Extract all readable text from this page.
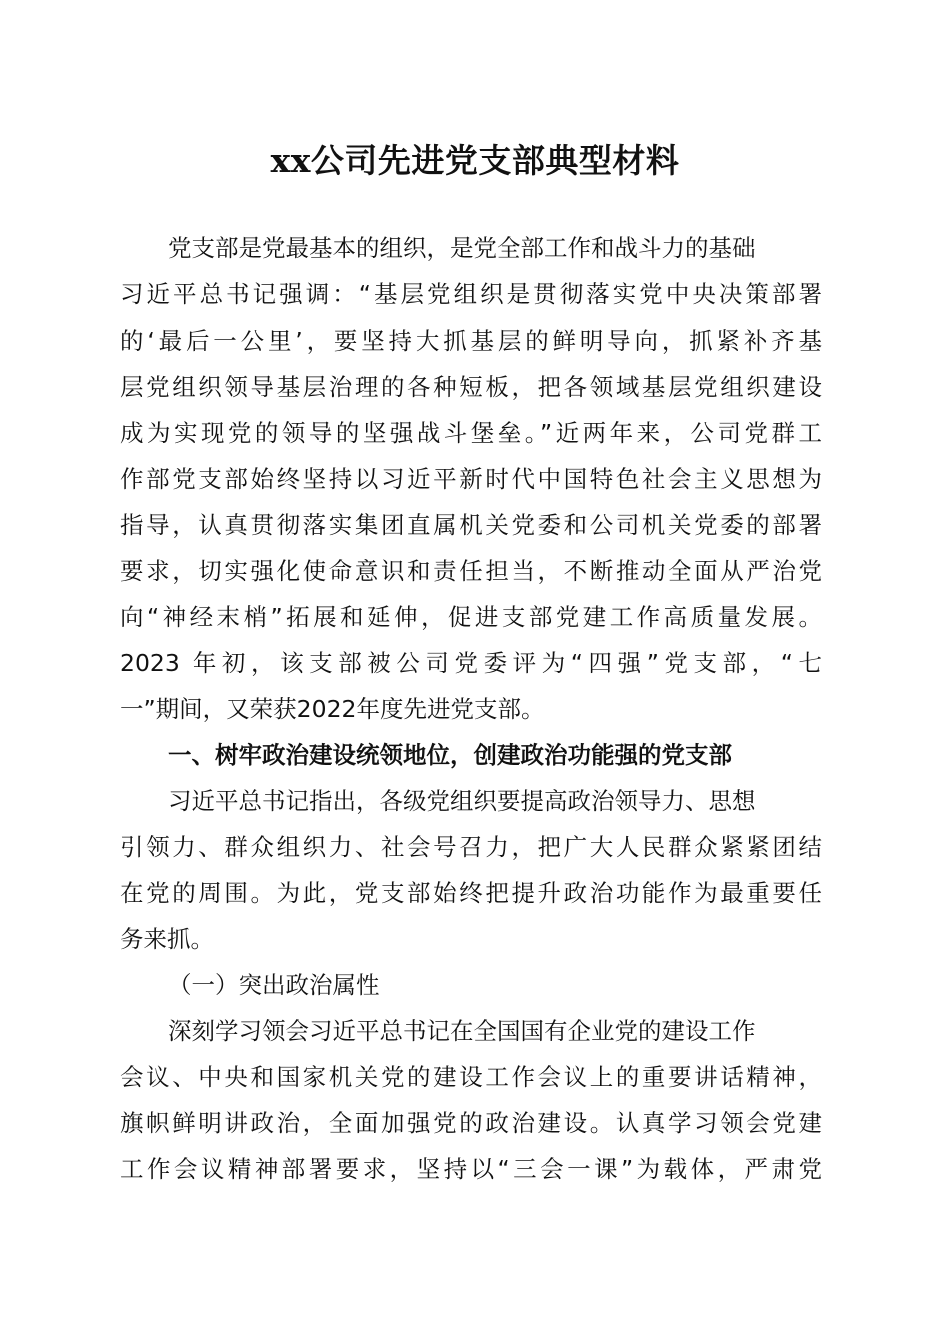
xx公司先进党支部典型材料
党支部是党最基本的组织，是党全部工作和战斗力的基础
习近平总书记强调：“基层党组织是贯彻落实党中央决策部署
的‘最后一公里’，要坚持大抓基层的鲜明导向，抓紧补齐基
层党组织领导基层治理的各种短板，把各领域基层党组织建设
成为实现党的领导的坚强战斗堡垒。”近两年来，公司党群工
作部党支部始终坚持以习近平新时代中国特色社会主义思想为
指导，认真贯彻落实集团直属机关党委和公司机关党委的部署
要求，切实强化使命意识和责任担当，不断推动全面从严治党
向“神经末梢”拓展和延伸，促进支部党建工作高质量发展。
2023 年初，该支部被公司党委评为“四强”党支部，“七
一”期间，又荣获2022年度先进党支部。
一、树牢政治建设统领地位，创建政治功能强的党支部
习近平总书记指出，各级党组织要提高政治领导力、思想
引领力、群众组织力、社会号召力，把广大人民群众紧紧团结
在党的周围。为此，党支部始终把提升政治功能作为最重要任
务来抓。
（一）突出政治属性
深刻学习领会习近平总书记在全国国有企业党的建设工作
会议、中央和国家机关党的建设工作会议上的重要讲话精神，
旗帜鲜明讲政治，全面加强党的政治建设。认真学习领会党建
工作会议精神部署要求，坚持以“三会一课”为载体，严肃党
